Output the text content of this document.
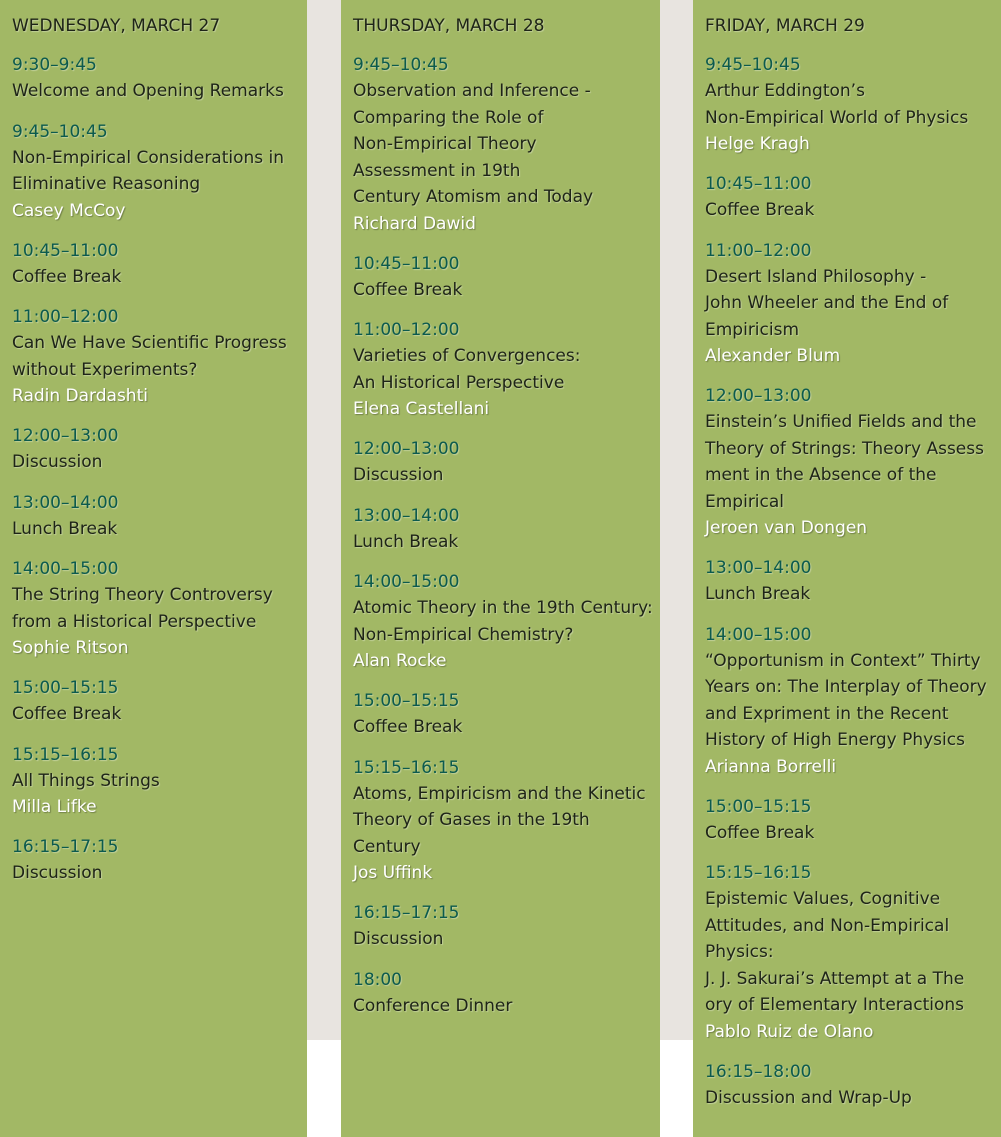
WEDNESDAY, MARCH 27
9:30–9:45
Welcome and Opening Remarks
9:45–10:45
Non-Empirical Considerations in
Eliminative Reasoning
Casey McCoy
10:45–11:00
Coffee Break
11:00–12:00
Can We Have Scientific Progress
without Experiments?
Radin Dardashti
12:00–13:00
Discussion
13:00–14:00
Lunch Break
14:00–15:00
The String Theory Controversy
from a Historical Perspective
Sophie Ritson
15:00–15:15
Coffee Break
15:15–16:15
All Things Strings
Milla Lifke
16:15–17:15
Discussion
THURSDAY, MARCH 28
9:45–10:45
Observation and Inference -
Comparing the Role of
Non-Empirical Theory
Assessment in 19th
Century Atomism and Today
Richard Dawid
10:45–11:00
Coffee Break
11:00–12:00
Varieties of Convergences:
An Historical Perspective
Elena Castellani
12:00–13:00
Discussion
13:00–14:00
Lunch Break
14:00–15:00
Atomic Theory in the 19th Century:
Non-Empirical Chemistry?
Alan Rocke
15:00–15:15
Coffee Break
15:15–16:15
Atoms, Empiricism and the Kinetic
Theory of Gases in the 19th
Century
Jos Uffink
16:15–17:15
Discussion
18:00
Conference Dinner
FRIDAY, MARCH 29
9:45–10:45
Arthur Eddington’s
Non-Empirical World of Physics
Helge Kragh
10:45–11:00
Coffee Break
11:00–12:00
Desert Island Philosophy -
John Wheeler and the End of
Empiricism
Alexander Blum
12:00–13:00
Einstein’s Unified Fields and the
Theory of Strings: Theory Assess
ment in the Absence of the
Empirical
Jeroen van Dongen
13:00–14:00
Lunch Break
14:00–15:00
“Opportunism in Context” Thirty
Years on: The Interplay of Theory
and Expriment in the Recent
History of High Energy Physics
Arianna Borrelli
15:00–15:15
Coffee Break
15:15–16:15
Epistemic Values, Cognitive
Attitudes, and Non-Empirical
Physics:
J. J. Sakurai’s Attempt at a The
ory of Elementary Interactions
Pablo Ruiz de Olano
16:15–18:00
Discussion and Wrap-Up
